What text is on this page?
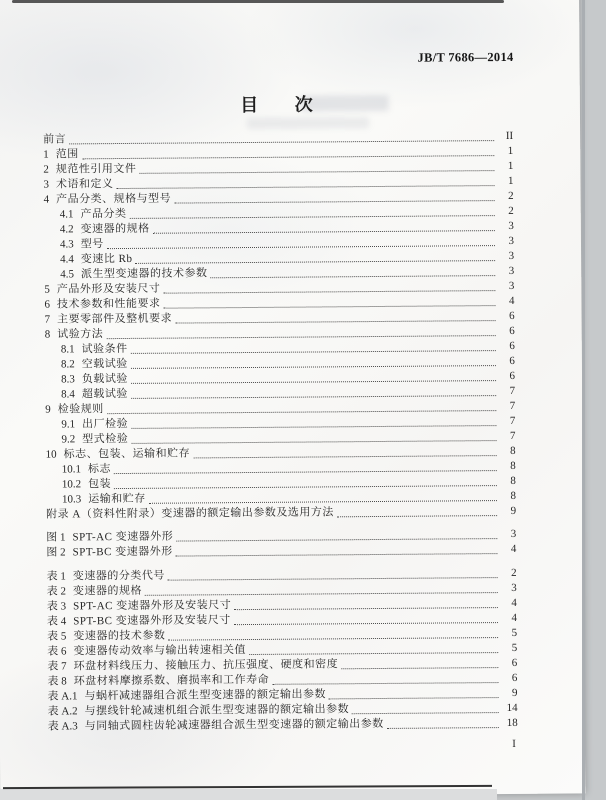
JB/T 7686—2014
目 次
前言	II
1 范围	1
2 规范性引用文件	1
3 术语和定义	1
4 产品分类、规格与型号	2
4.1 产品分类	2
4.2 变速器的规格	3
4.3 型号	3
4.4 变速比 Rb	3
4.5 派生型变速器的技术参数	3
5 产品外形及安装尺寸	3
6 技术参数和性能要求	4
7 主要零部件及整机要求	6
8 试验方法	6
8.1 试验条件	6
8.2 空载试验	6
8.3 负载试验	6
8.4 超载试验	7
9 检验规则	7
9.1 出厂检验	7
9.2 型式检验	7
10 标志、包装、运输和贮存	8
10.1 标志	8
10.2 包装	8
10.3 运输和贮存	8
附录 A（资料性附录）变速器的额定输出参数及选用方法	9
图 1 SPT-AC 变速器外形	3
图 2 SPT-BC 变速器外形	4
表 1 变速器的分类代号	2
表 2 变速器的规格	3
表 3 SPT-AC 变速器外形及安装尺寸	4
表 4 SPT-BC 变速器外形及安装尺寸	4
表 5 变速器的技术参数	5
表 6 变速器传动效率与输出转速相关值	5
表 7 环盘材料线压力、接触压力、抗压强度、硬度和密度	6
表 8 环盘材料摩擦系数、磨损率和工作寿命	6
表 A.1 与蜗杆减速器组合派生型变速器的额定输出参数	9
表 A.2 与摆线针轮减速机组合派生型变速器的额定输出参数	14
表 A.3 与同轴式圆柱齿轮减速器组合派生型变速器的额定输出参数	18
I
